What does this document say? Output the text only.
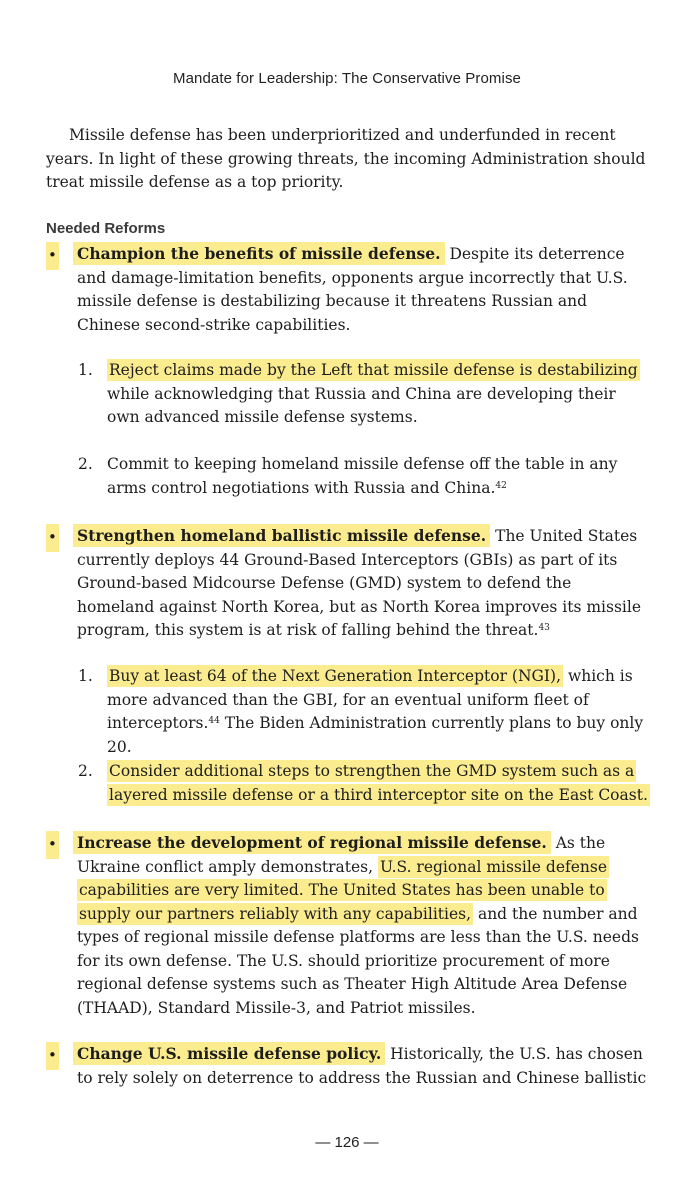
Mandate for Leadership: The Conservative Promise

Missile defense has been underprioritized and underfunded in recent years. In light of these growing threats, the incoming Administration should treat missile defense as a top priority.

Needed Reforms

• Champion the benefits of missile defense. Despite its deterrence and damage-limitation benefits, opponents argue incorrectly that U.S. missile defense is destabilizing because it threatens Russian and Chinese second-strike capabilities.

1. Reject claims made by the Left that missile defense is destabilizing while acknowledging that Russia and China are developing their own advanced missile defense systems.

2. Commit to keeping homeland missile defense off the table in any arms control negotiations with Russia and China.$^{42}$

• Strengthen homeland ballistic missile defense. The United States currently deploys 44 Ground-Based Interceptors (GBIs) as part of its Ground-based Midcourse Defense (GMD) system to defend the homeland against North Korea, but as North Korea improves its missile program, this system is at risk of falling behind the threat.$^{43}$

1. Buy at least 64 of the Next Generation Interceptor (NGI), which is more advanced than the GBI, for an eventual uniform fleet of interceptors.$^{44}$ The Biden Administration currently plans to buy only 20.

2. Consider additional steps to strengthen the GMD system such as a layered missile defense or a third interceptor site on the East Coast.

• Increase the development of regional missile defense. As the Ukraine conflict amply demonstrates, U.S. regional missile defense capabilities are very limited. The United States has been unable to supply our partners reliably with any capabilities, and the number and types of regional missile defense platforms are less than the U.S. needs for its own defense. The U.S. should prioritize procurement of more regional defense systems such as Theater High Altitude Area Defense (THAAD), Standard Missile-3, and Patriot missiles.

• Change U.S. missile defense policy. Historically, the U.S. has chosen to rely solely on deterrence to address the Russian and Chinese ballistic

— 126 —
